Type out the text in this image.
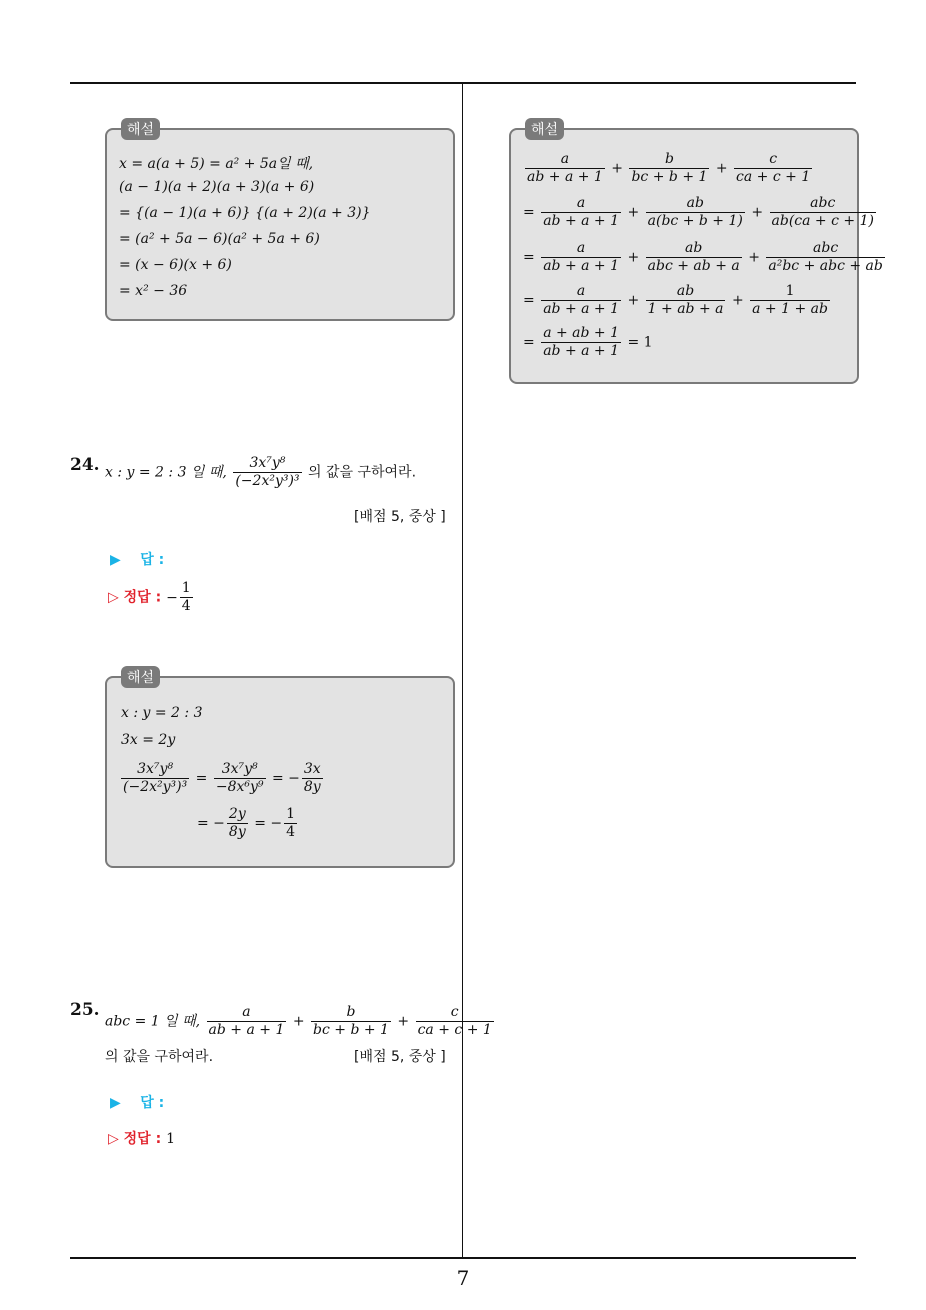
7
해설
x = a(a + 5) = a² + 5a일 때,
(a − 1)(a + 2)(a + 3)(a + 6)
= {(a − 1)(a + 6)} {(a + 2)(a + 3)}
= (a² + 5a − 6)(a² + 5a + 6)
= (x − 6)(x + 6)
= x² − 36
24. x : y = 2 : 3 일 때, $\frac{\text{3x⁷y⁸}}{\text{(−2x²y³)³}}$ 의 값을 구하여라.
[배점 5, 중상 ]
▶ 답 :
▷ 정답 : − $\frac{1}{4}$
해설
x : y = 2 : 3
3x = 2y
$\frac{\text{3x⁷y⁸}}{\text{(−2x²y³)³}} = \frac{\text{3x⁷y⁸}}{\text{−8x⁶y⁹}}$ = − $\frac{3x}{8y}$
= − $\frac{2y}{8y}$ = − $\frac{1}{4}$
25.
abc = 1 일 때, $\frac{a}{ab + a + 1} + \frac{b}{bc + b + 1} + \frac{c}{ca + c + 1}$
의 값을 구하여라.	[배점 5, 중상 ]
▶ 답 :
▷ 정답 : 1
해설
$\frac{a}{ab + a + 1} + \frac{b}{bc + b + 1} + \frac{c}{ca + c + 1}$
= $\frac{a}{ab + a + 1} + \frac{ab}{a(bc + b + 1)} + \frac{\text{abc}}{ab(ca + c + 1)}$
= $\frac{a}{ab + a + 1} + \frac{ab}{\text{abc + ab + a}} + \frac{\text{abc}}{\text{a²bc + abc + ab}}$
= $\frac{a}{ab + a + 1} + \frac{ab}{1 + ab + a} + \frac{1}{a + 1 + ab}$
= $\frac{a + ab + 1}{ab + a + 1} = 1$
